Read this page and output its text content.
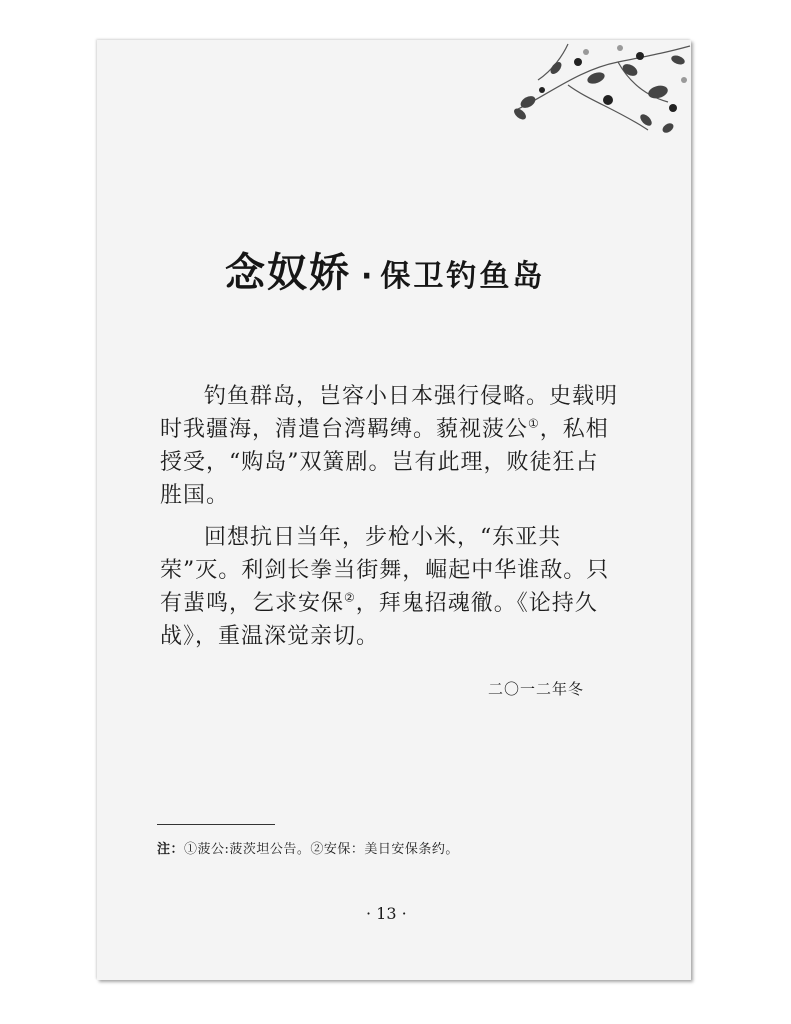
念奴娇 · 保卫钓鱼岛

钓鱼群岛，岂容小日本强行侵略。史载明时我疆海，清遣台湾羁缚。藐视菠公①，私相授受，“购岛”双簧剧。岂有此理，败徒狂占胜国。

回想抗日当年，步枪小米，“东亚共荣”灭。利剑长拳当街舞，崛起中华谁敌。只有蜚鸣，乞求安保②，拜鬼招魂徹。《论持久战》，重温深觉亲切。

二〇一二年冬
注：①菠公:菠茨坦公告。②安保：美日安保条约。
· 13 ·
